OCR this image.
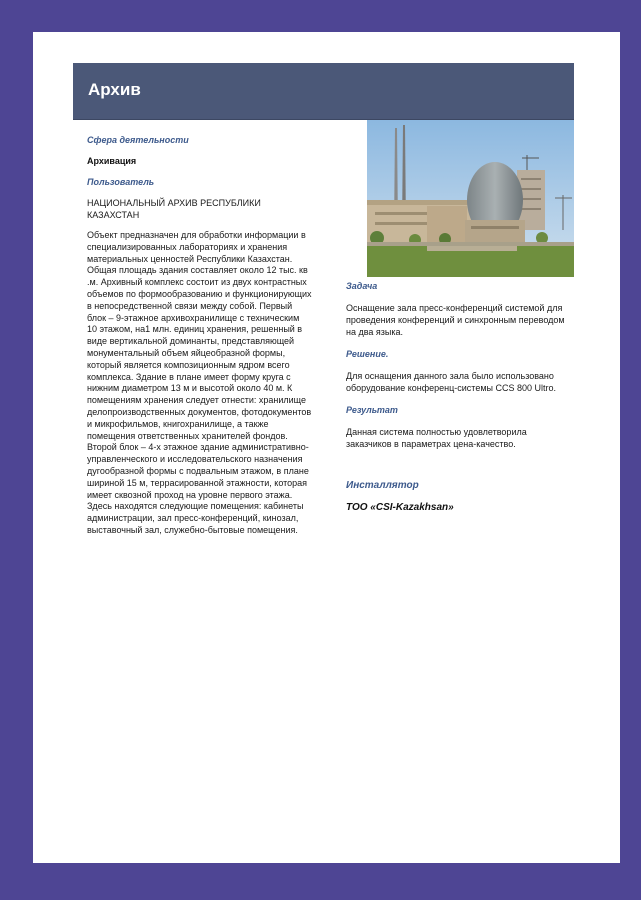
Архив
Сфера деятельности
Архивация
Пользователь
НАЦИОНАЛЬНЫЙ АРХИВ РЕСПУБЛИКИ
КАЗАХСТАН
Объект предназначен для обработки информации в
специализированных лабораториях и хранения
материальных ценностей Республики Казахстан.
Общая площадь здания составляет около 12 тыс. кв
.м. Архивный комплекс состоит из двух контрастных
объемов по формообразованию и функционирующих
в непосредственной связи между собой. Первый
блок – 9-этажное архивохранилище с техническим
10 этажом, на1 млн. единиц хранения, решенный в
виде вертикальной доминанты, представляющей
монументальный объем яйцеобразной формы,
который является композиционным ядром всего
комплекса. Здание в плане имеет форму круга с
нижним диаметром 13 м и высотой около 40 м. К
помещениям хранения следует отнести: хранилище
делопроизводственных документов, фотодокументов
и микрофильмов, книгохранилище, а также
помещения ответственных хранителей фондов.
Второй блок – 4-х этажное здание административно-
управленческого и исследовательского назначения
дугообразной формы с подвальным этажом, в плане
шириной 15 м, террасированной этажности, которая
имеет сквозной проход на уровне первого этажа.
Здесь находятся следующие помещения: кабинеты
администрации, зал пресс-конференций, кинозал,
выставочный зал, служебно-бытовые помещения.
Задача
Оснащение зала пресс-конференций системой для
проведения конференций и синхронным переводом
на два языка.
Решение.
Для оснащения данного зала было использовано
оборудование конференц-системы CCS 800 Ultro.
Результат
Данная система полностью удовлетворила
заказчиков в параметрах цена-качество.
Инсталлятор
ТОО «CSI-Kazakhsan»
